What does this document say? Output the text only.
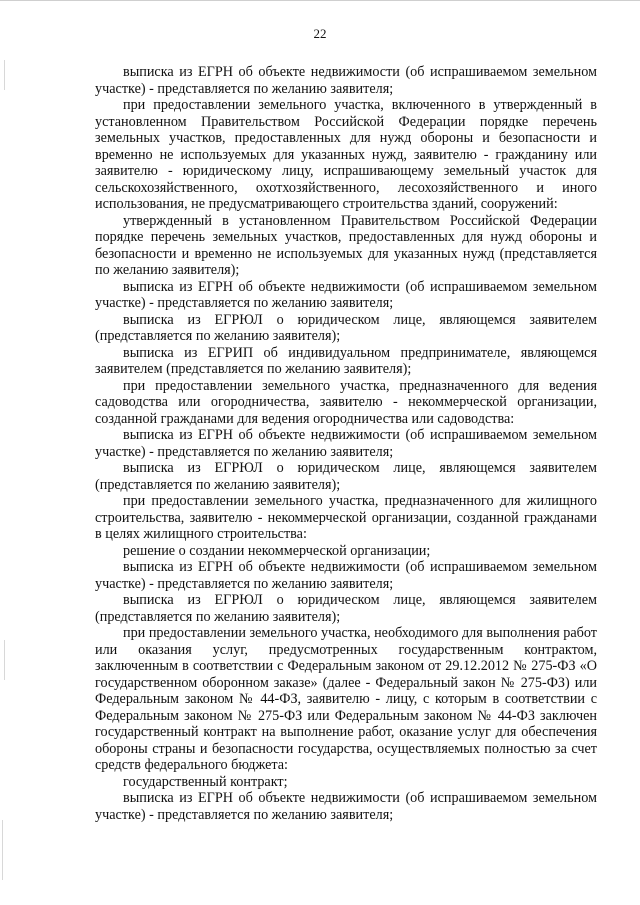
22

выписка из ЕГРН об объекте недвижимости (об испрашиваемом земельном участке) - представляется по желанию заявителя;

при предоставлении земельного участка, включенного в утвержденный в установленном Правительством Российской Федерации порядке перечень земельных участков, предоставленных для нужд обороны и безопасности и временно не используемых для указанных нужд, заявителю - гражданину или заявителю - юридическому лицу, испрашивающему земельный участок для сельскохозяйственного, охотхозяйственного, лесохозяйственного и иного использования, не предусматривающего строительства зданий, сооружений:

утвержденный в установленном Правительством Российской Федерации порядке перечень земельных участков, предоставленных для нужд обороны и безопасности и временно не используемых для указанных нужд (представляется по желанию заявителя);

выписка из ЕГРН об объекте недвижимости (об испрашиваемом земельном участке) - представляется по желанию заявителя;

выписка из ЕГРЮЛ о юридическом лице, являющемся заявителем (представляется по желанию заявителя);

выписка из ЕГРИП об индивидуальном предпринимателе, являющемся заявителем (представляется по желанию заявителя);

при предоставлении земельного участка, предназначенного для ведения садоводства или огородничества, заявителю - некоммерческой организации, созданной гражданами для ведения огородничества или садоводства:

выписка из ЕГРН об объекте недвижимости (об испрашиваемом земельном участке) - представляется по желанию заявителя;

выписка из ЕГРЮЛ о юридическом лице, являющемся заявителем (представляется по желанию заявителя);

при предоставлении земельного участка, предназначенного для жилищного строительства, заявителю - некоммерческой организации, созданной гражданами в целях жилищного строительства:

решение о создании некоммерческой организации;

выписка из ЕГРН об объекте недвижимости (об испрашиваемом земельном участке) - представляется по желанию заявителя;

выписка из ЕГРЮЛ о юридическом лице, являющемся заявителем (представляется по желанию заявителя);

при предоставлении земельного участка, необходимого для выполнения работ или оказания услуг, предусмотренных государственным контрактом, заключенным в соответствии с Федеральным законом от 29.12.2012 № 275-ФЗ «О государственном оборонном заказе» (далее - Федеральный закон № 275-ФЗ) или Федеральным законом № 44-ФЗ, заявителю - лицу, с которым в соответствии с Федеральным законом № 275-ФЗ или Федеральным законом № 44-ФЗ заключен государственный контракт на выполнение работ, оказание услуг для обеспечения обороны страны и безопасности государства, осуществляемых полностью за счет средств федерального бюджета:

государственный контракт;

выписка из ЕГРН об объекте недвижимости (об испрашиваемом земельном участке) - представляется по желанию заявителя;
